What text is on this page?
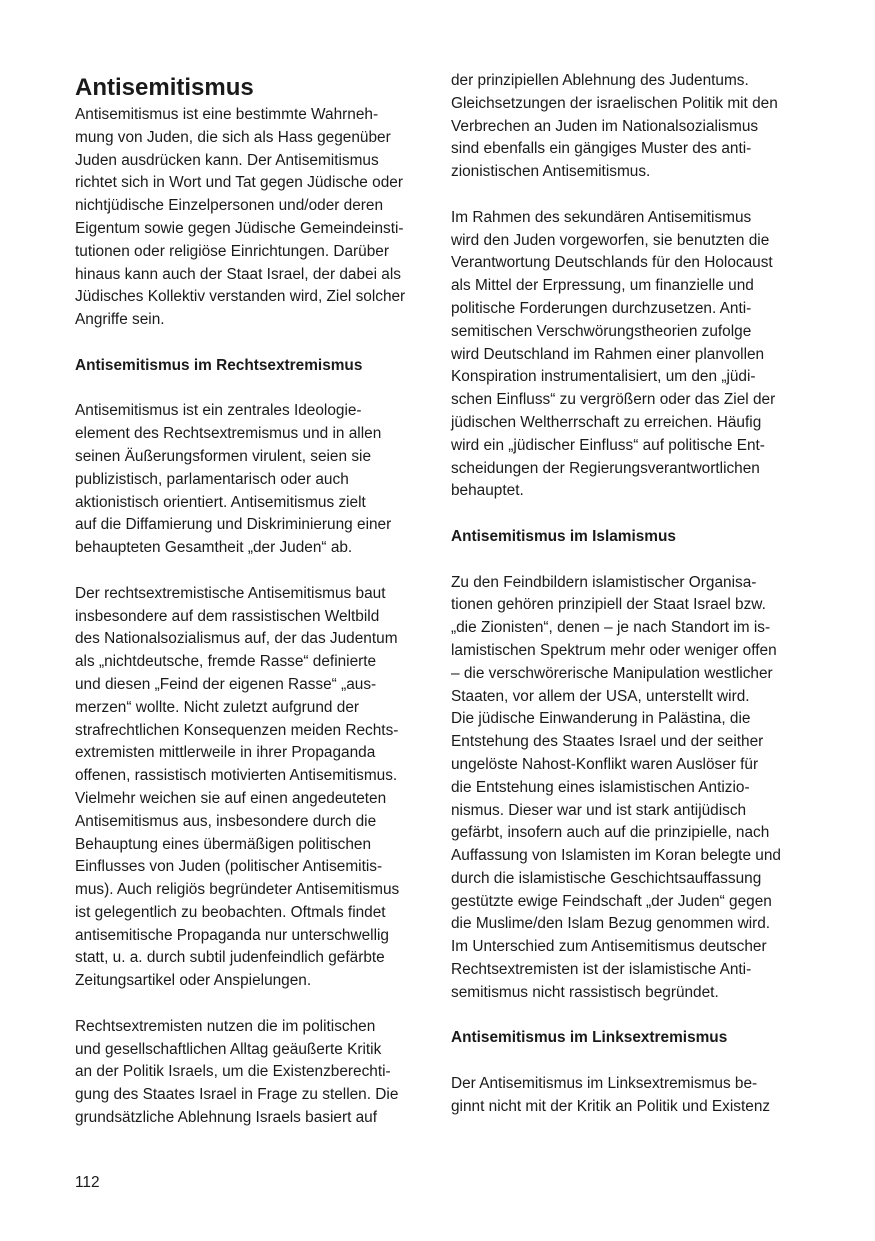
Antisemitismus

Antisemitismus ist eine bestimmte Wahrneh-
mung von Juden, die sich als Hass gegenüber
Juden ausdrücken kann. Der Antisemitismus
richtet sich in Wort und Tat gegen Jüdische oder
nichtjüdische Einzelpersonen und/oder deren
Eigentum sowie gegen Jüdische Gemeindeinsti-
tutionen oder religiöse Einrichtungen. Darüber
hinaus kann auch der Staat Israel, der dabei als
Jüdisches Kollektiv verstanden wird, Ziel solcher
Angriffe sein.

Antisemitismus im Rechtsextremismus

Antisemitismus ist ein zentrales Ideologie-
element des Rechtsextremismus und in allen
seinen Äußerungsformen virulent, seien sie
publizistisch, parlamentarisch oder auch
aktionistisch orientiert. Antisemitismus zielt
auf die Diffamierung und Diskriminierung einer
behaupteten Gesamtheit „der Juden“ ab.

Der rechtsextremistische Antisemitismus baut
insbesondere auf dem rassistischen Weltbild
des Nationalsozialismus auf, der das Judentum
als „nichtdeutsche, fremde Rasse“ definierte
und diesen „Feind der eigenen Rasse“ „aus-
merzen“ wollte. Nicht zuletzt aufgrund der
strafrechtlichen Konsequenzen meiden Rechts-
extremisten mittlerweile in ihrer Propaganda
offenen, rassistisch motivierten Antisemitismus.
Vielmehr weichen sie auf einen angedeuteten
Antisemitismus aus, insbesondere durch die
Behauptung eines übermäßigen politischen
Einflusses von Juden (politischer Antisemitis-
mus). Auch religiös begründeter Antisemitismus
ist gelegentlich zu beobachten. Oftmals findet
antisemitische Propaganda nur unterschwellig
statt, u. a. durch subtil judenfeindlich gefärbte
Zeitungsartikel oder Anspielungen.

Rechtsextremisten nutzen die im politischen
und gesellschaftlichen Alltag geäußerte Kritik
an der Politik Israels, um die Existenzberechti-
gung des Staates Israel in Frage zu stellen. Die
grundsätzliche Ablehnung Israels basiert auf

der prinzipiellen Ablehnung des Judentums.
Gleichsetzungen der israelischen Politik mit den
Verbrechen an Juden im Nationalsozialismus
sind ebenfalls ein gängiges Muster des anti-
zionistischen Antisemitismus.

Im Rahmen des sekundären Antisemitismus
wird den Juden vorgeworfen, sie benutzten die
Verantwortung Deutschlands für den Holocaust
als Mittel der Erpressung, um finanzielle und
politische Forderungen durchzusetzen. Anti-
semitischen Verschwörungstheorien zufolge
wird Deutschland im Rahmen einer planvollen
Konspiration instrumentalisiert, um den „jüdi-
schen Einfluss“ zu vergrößern oder das Ziel der
jüdischen Weltherrschaft zu erreichen. Häufig
wird ein „jüdischer Einfluss“ auf politische Ent-
scheidungen der Regierungsverantwortlichen
behauptet.

Antisemitismus im Islamismus

Zu den Feindbildern islamistischer Organisa-
tionen gehören prinzipiell der Staat Israel bzw.
„die Zionisten“, denen – je nach Standort im is-
lamistischen Spektrum mehr oder weniger offen
– die verschwörerische Manipulation westlicher
Staaten, vor allem der USA, unterstellt wird.
Die jüdische Einwanderung in Palästina, die
Entstehung des Staates Israel und der seither
ungelöste Nahost-Konflikt waren Auslöser für
die Entstehung eines islamistischen Antizio-
nismus. Dieser war und ist stark antijüdisch
gefärbt, insofern auch auf die prinzipielle, nach
Auffassung von Islamisten im Koran belegte und
durch die islamistische Geschichtsauffassung
gestützte ewige Feindschaft „der Juden“ gegen
die Muslime/den Islam Bezug genommen wird.
Im Unterschied zum Antisemitismus deutscher
Rechtsextremisten ist der islamistische Anti-
semitismus nicht rassistisch begründet.

Antisemitismus im Linksextremismus

Der Antisemitismus im Linksextremismus be-
ginnt nicht mit der Kritik an Politik und Existenz

112
